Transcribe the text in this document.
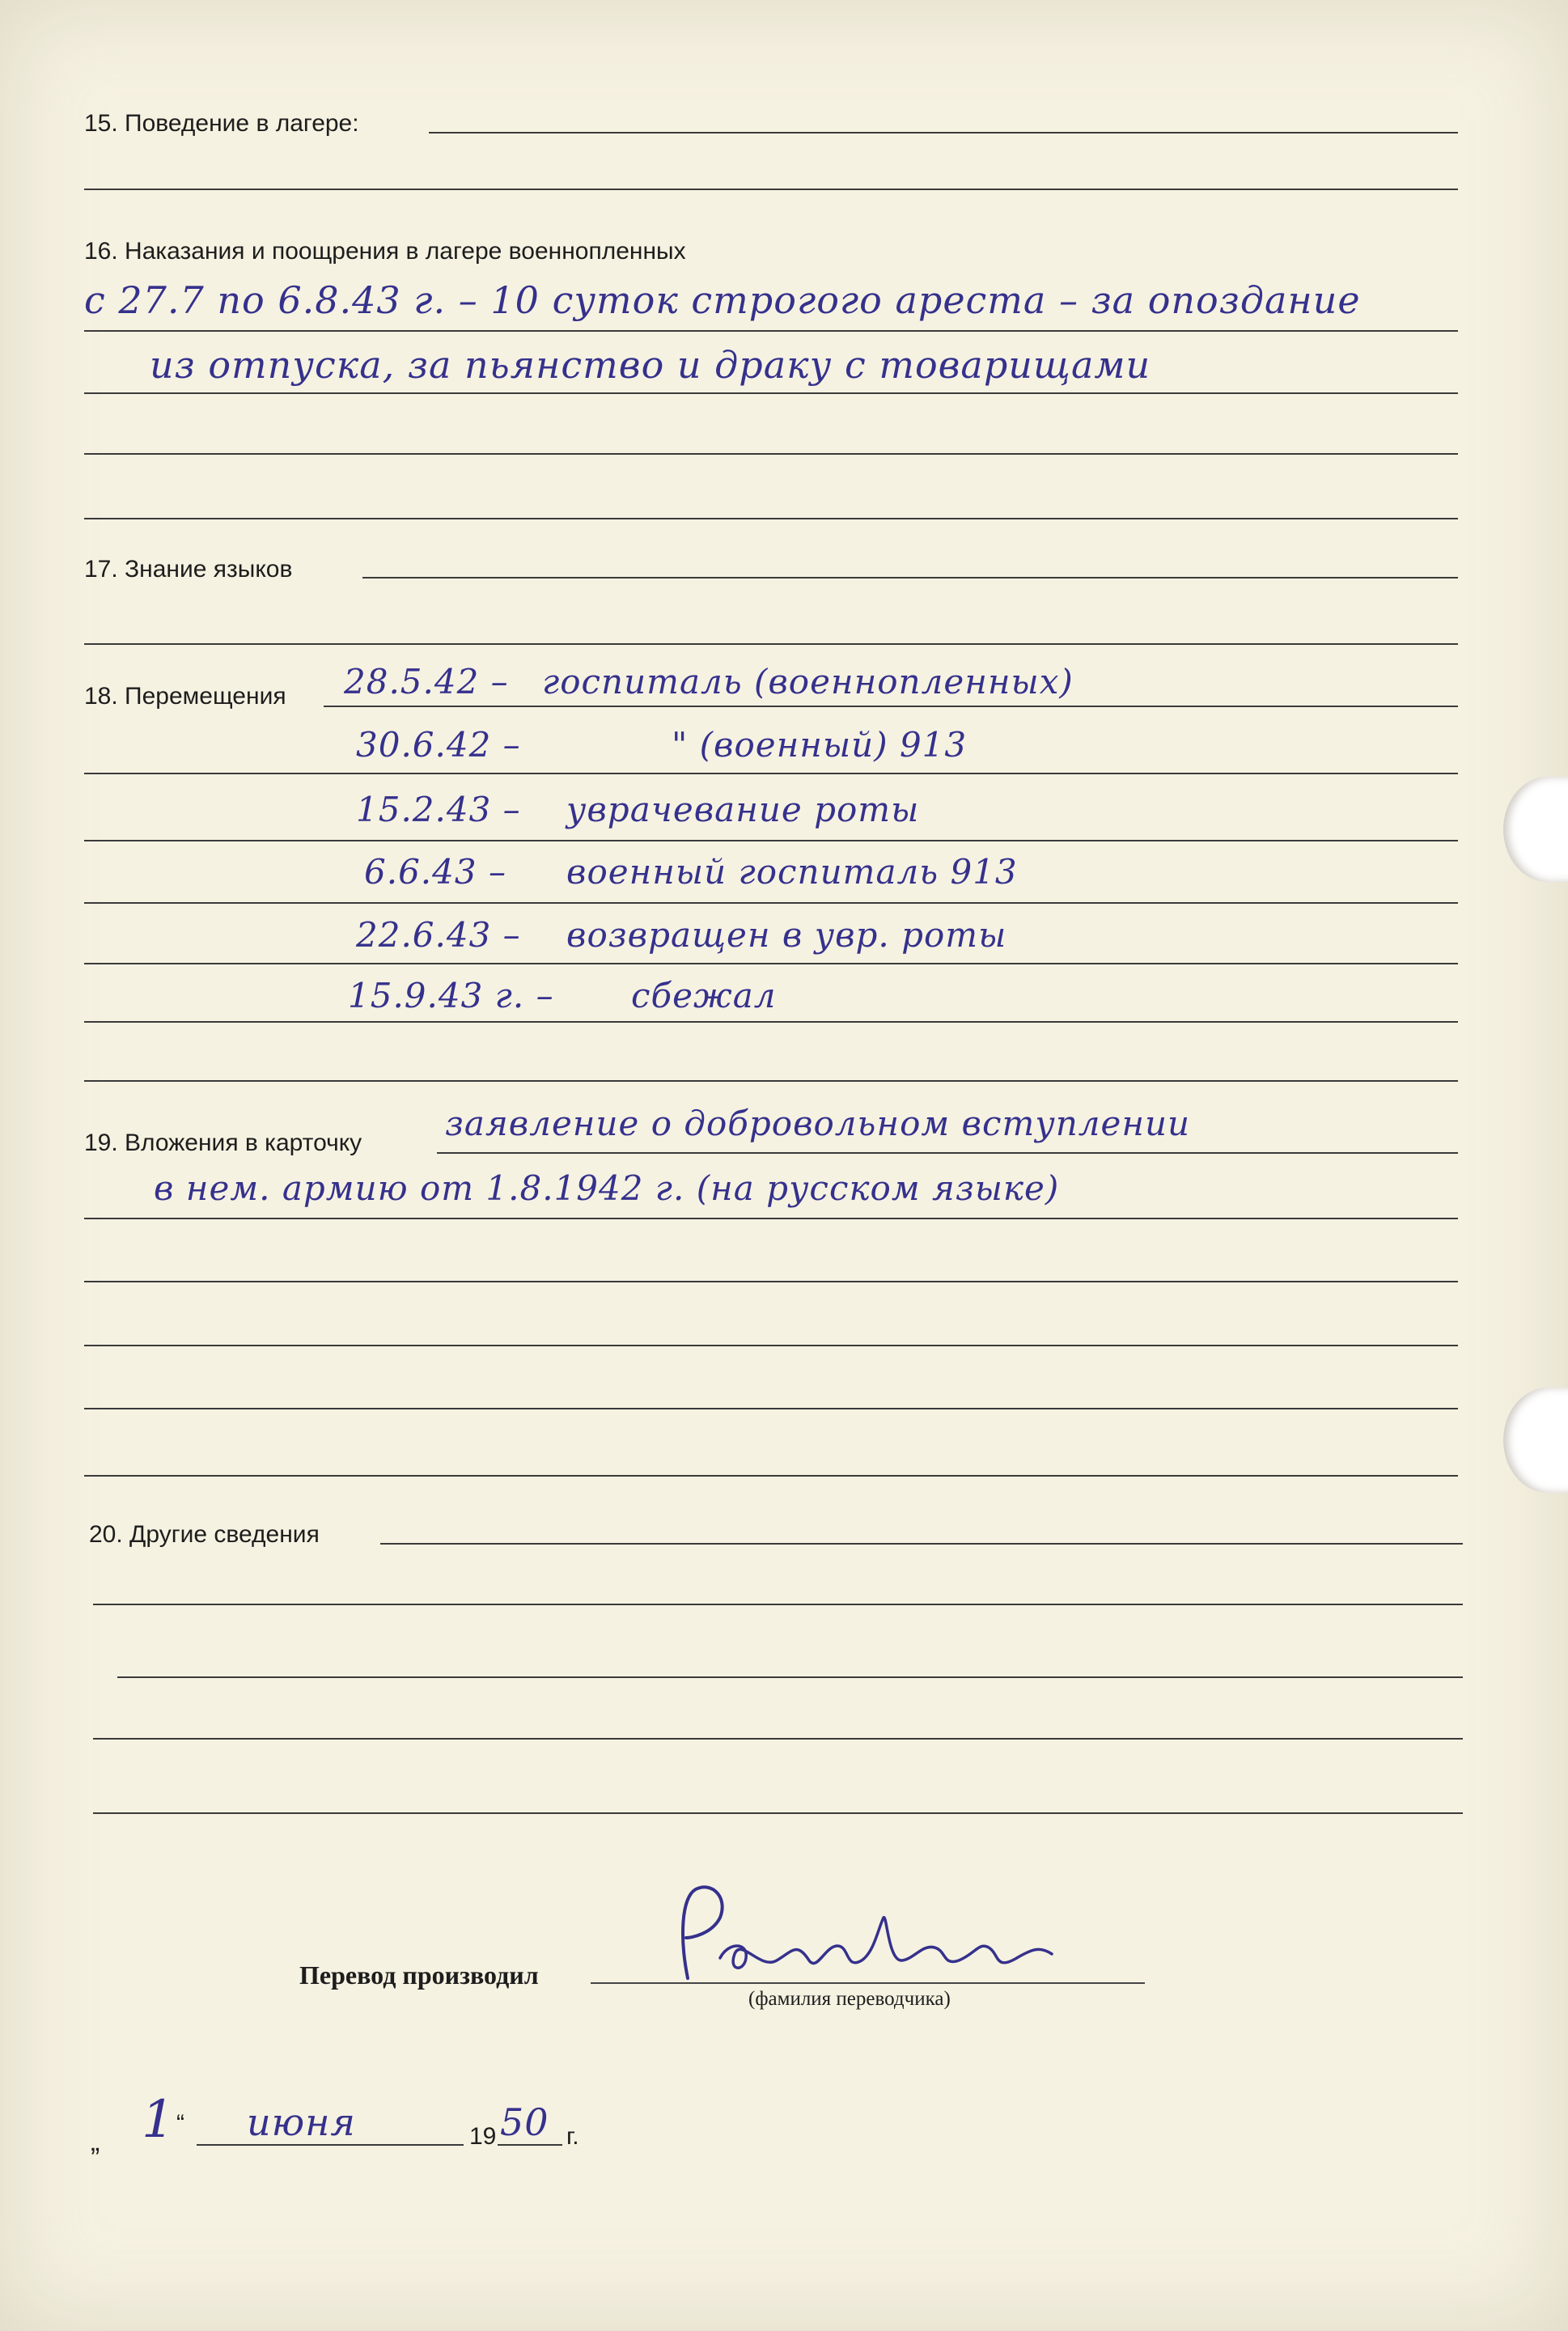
15. Поведение в лагере:
16. Наказания и поощрения в лагере военнопленных
с 27.7 по 6.8.43 г. – 10 суток строгого ареста – за опоздание
из отпуска, за пьянство и драку с товарищами
17. Знание языков
18. Перемещения 28.5.42 – госпиталь (военнопленных)
30.6.42 –	" (военный) 913
15.2.43 – уврачевание роты
6.6.43 – военный госпиталь 913
22.6.43 – возвращен в увр. роты
15.9.43 г. – сбежал
19. Вложения в карточку заявление о добровольном вступлении
в нем. армию от 1.8.1942 г. (на русском языке)
20. Другие сведения
Перевод производил
(фамилия переводчика)
„ 1 “ июня	19 50 г.
